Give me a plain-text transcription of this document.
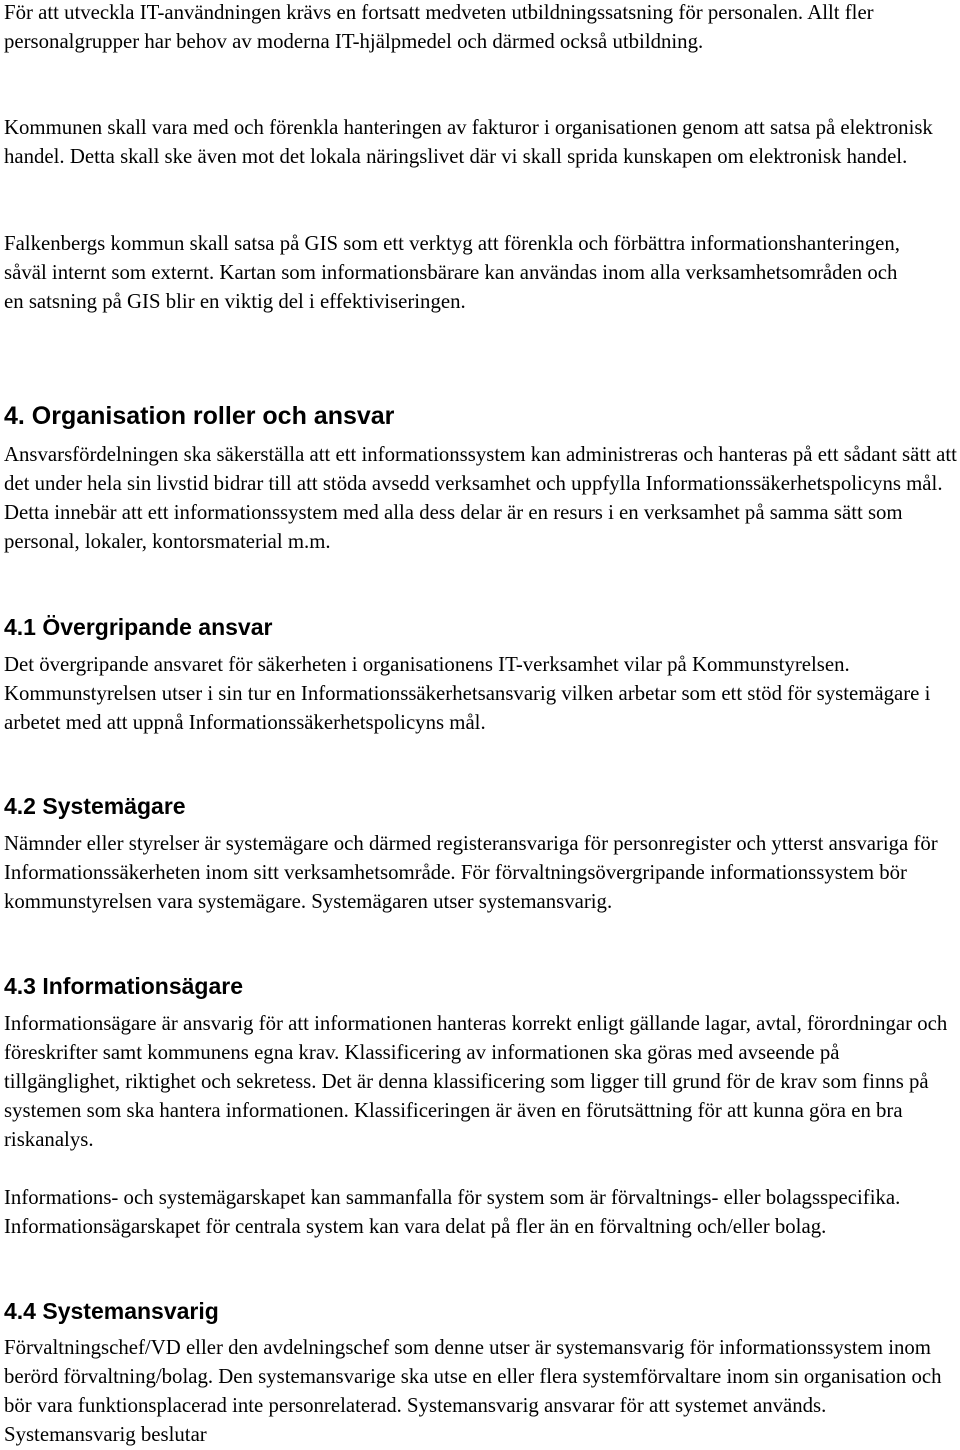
För att utveckla IT-användningen krävs en fortsatt medveten utbildningssatsning för personalen. Allt fler personalgrupper har behov av moderna IT-hjälpmedel och därmed också utbildning.

Kommunen skall vara med och förenkla hanteringen av fakturor i organisationen genom att satsa på elektronisk handel. Detta skall ske även mot det lokala näringslivet där vi skall sprida kunskapen om elektronisk handel.

Falkenbergs kommun skall satsa på GIS som ett verktyg att förenkla och förbättra informationshanteringen, såväl internt som externt. Kartan som informationsbärare kan användas inom alla verksamhetsområden och en satsning på GIS blir en viktig del i effektiviseringen.

4. Organisation roller och ansvar

Ansvarsfördelningen ska säkerställa att ett informationssystem kan administreras och hanteras på ett sådant sätt att det under hela sin livstid bidrar till att stöda avsedd verksamhet och uppfylla Informationssäkerhetspolicyns mål. Detta innebär att ett informationssystem med alla dess delar är en resurs i en verksamhet på samma sätt som personal, lokaler, kontorsmaterial m.m.

4.1 Övergripande ansvar

Det övergripande ansvaret för säkerheten i organisationens IT-verksamhet vilar på Kommunstyrelsen. Kommunstyrelsen utser i sin tur en Informationssäkerhetsansvarig vilken arbetar som ett stöd för systemägare i arbetet med att uppnå Informationssäkerhetspolicyns mål.

4.2 Systemägare

Nämnder eller styrelser är systemägare och därmed registeransvariga för personregister och ytterst ansvariga för Informationssäkerheten inom sitt verksamhetsområde. För förvaltningsövergripande informationssystem bör kommunstyrelsen vara systemägare. Systemägaren utser systemansvarig.

4.3 Informationsägare

Informationsägare är ansvarig för att informationen hanteras korrekt enligt gällande lagar, avtal, förordningar och föreskrifter samt kommunens egna krav. Klassificering av informationen ska göras med avseende på tillgänglighet, riktighet och sekretess. Det är denna klassificering som ligger till grund för de krav som finns på systemen som ska hantera informationen. Klassificeringen är även en förutsättning för att kunna göra en bra riskanalys.

Informations- och systemägarskapet kan sammanfalla för system som är förvaltnings- eller bolagsspecifika. Informationsägarskapet för centrala system kan vara delat på fler än en förvaltning och/eller bolag.

4.4 Systemansvarig

Förvaltningschef/VD eller den avdelningschef som denne utser är systemansvarig för informationssystem inom berörd förvaltning/bolag. Den systemansvarige ska utse en eller flera systemförvaltare inom sin organisation och bör vara funktionsplacerad inte personrelaterad. Systemansvarig ansvarar för att systemet används. Systemansvarig beslutar
